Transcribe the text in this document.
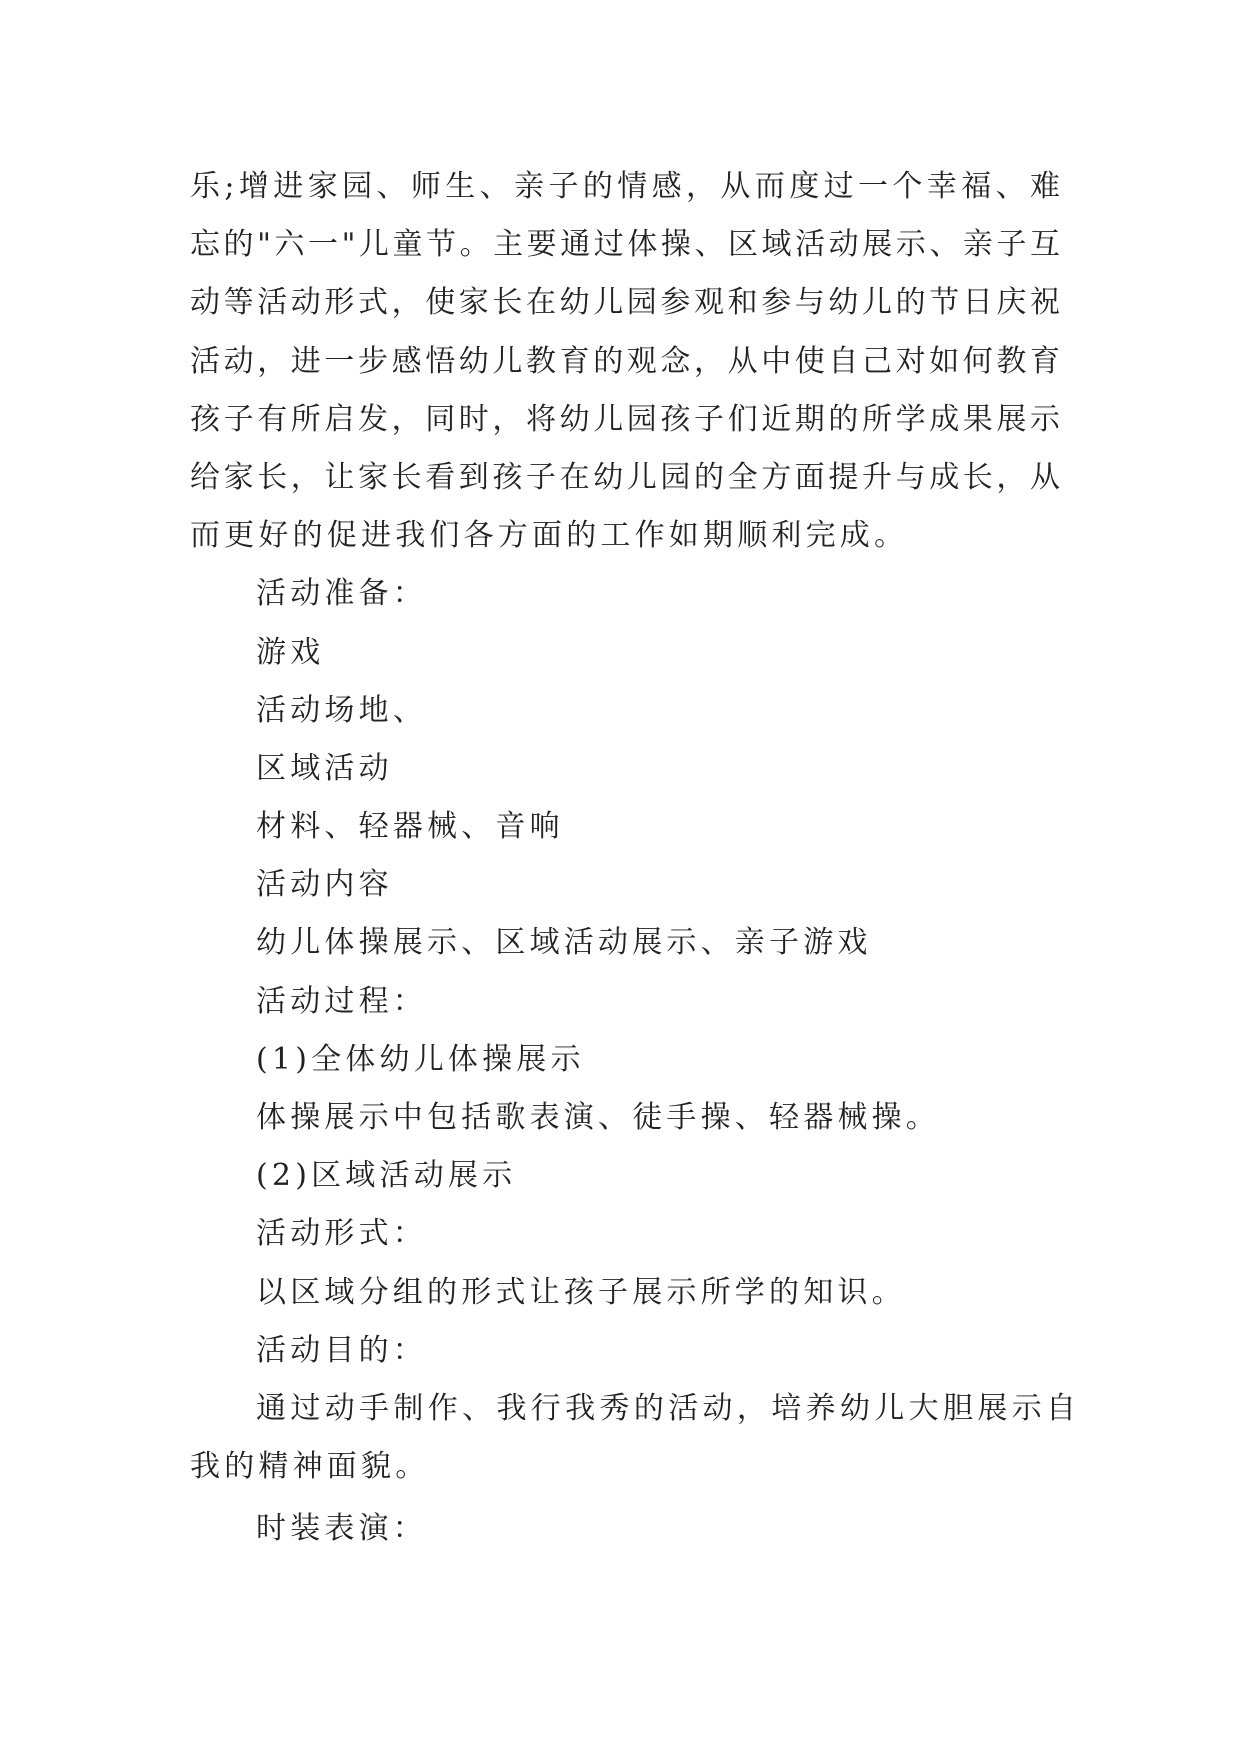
乐;增进家园、师生、亲子的情感，从而度过一个幸福、难
忘的"六一"儿童节。主要通过体操、区域活动展示、亲子互
动等活动形式，使家长在幼儿园参观和参与幼儿的节日庆祝
活动，进一步感悟幼儿教育的观念，从中使自己对如何教育
孩子有所启发，同时，将幼儿园孩子们近期的所学成果展示
给家长，让家长看到孩子在幼儿园的全方面提升与成长，从
而更好的促进我们各方面的工作如期顺利完成。
活动准备：
游戏
活动场地、
区域活动
材料、轻器械、音响
活动内容
幼儿体操展示、区域活动展示、亲子游戏
活动过程：
(1)全体幼儿体操展示
体操展示中包括歌表演、徒手操、轻器械操。
(2)区域活动展示
活动形式：
以区域分组的形式让孩子展示所学的知识。
活动目的：
通过动手制作、我行我秀的活动，培养幼儿大胆展示自
我的精神面貌。
时装表演：
